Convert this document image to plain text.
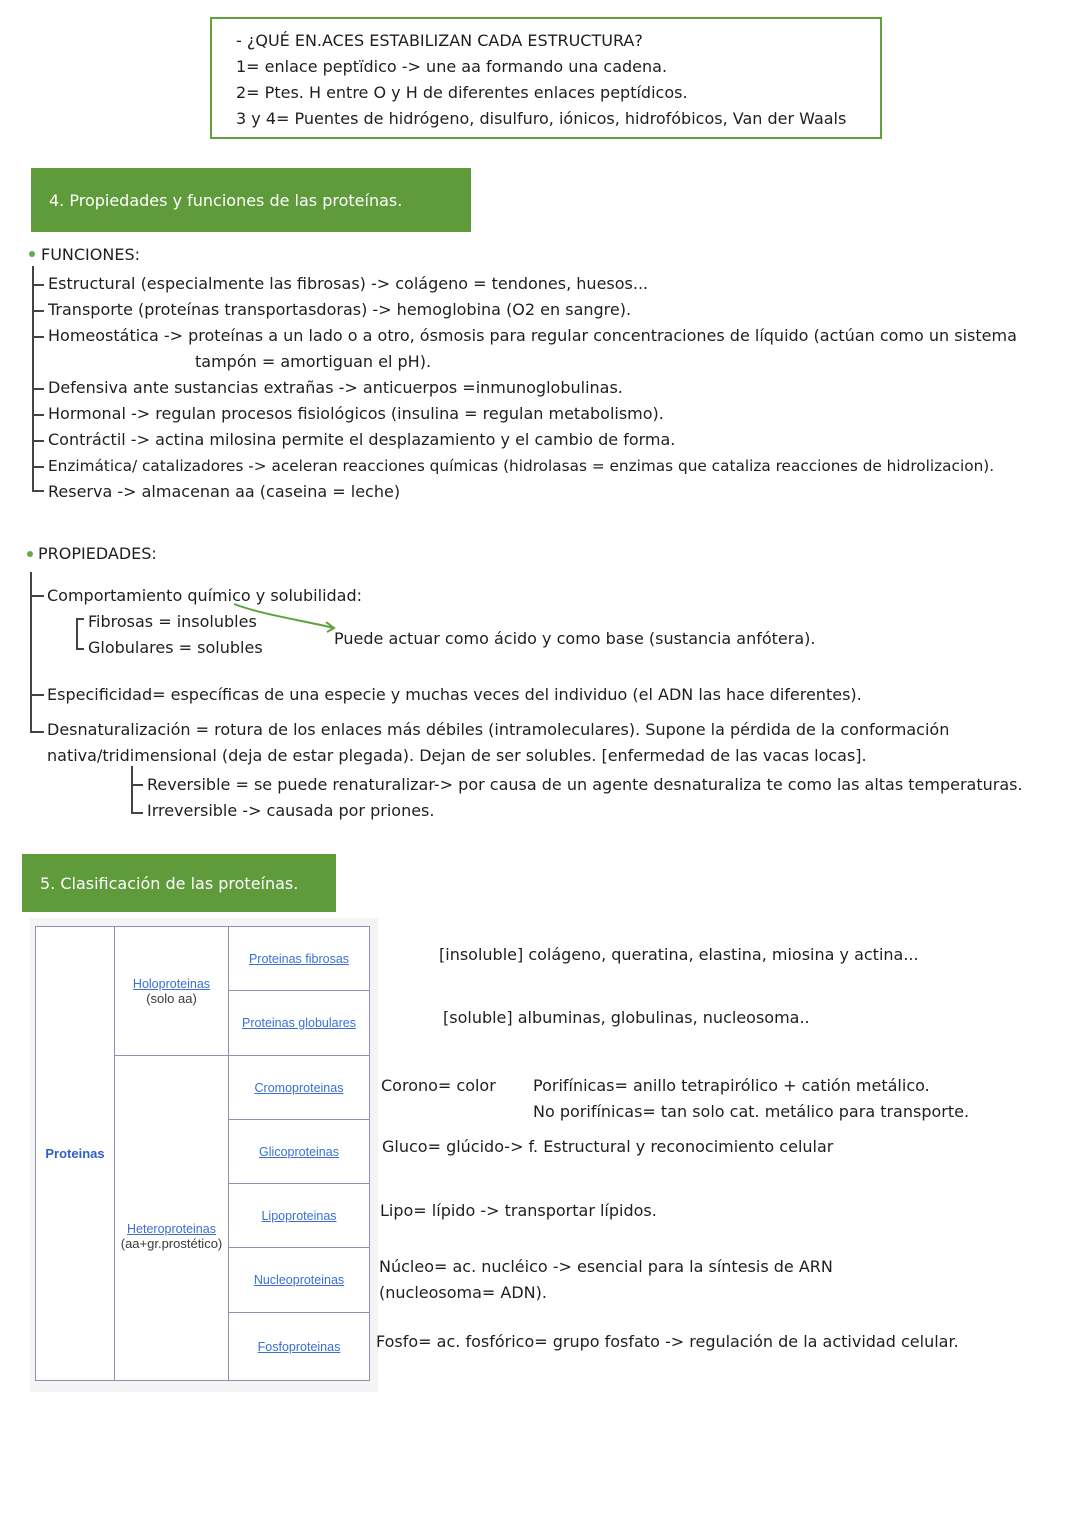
- ¿QUÉ EN.ACES ESTABILIZAN CADA ESTRUCTURA?
1= enlace peptïdico -> une aa formando una cadena.
2= Ptes. H entre O y H de diferentes enlaces peptídicos.
3 y 4= Puentes de hidrógeno, disulfuro, iónicos, hidrofóbicos, Van der Waals
4. Propiedades y funciones de las proteínas.
FUNCIONES:
Estructural (especialmente las fibrosas) -> colágeno = tendones, huesos...
Transporte (proteínas transportasdoras) -> hemoglobina (O2 en sangre).
Homeostática -> proteínas a un lado o a otro, ósmosis para regular concentraciones de líquido (actúan como un sistema
tampón = amortiguan el pH).
Defensiva ante sustancias extrañas -> anticuerpos =inmunoglobulinas.
Hormonal -> regulan procesos fisiológicos (insulina = regulan metabolismo).
Contráctil -> actina milosina permite el desplazamiento y el cambio de forma.
Enzimática/ catalizadores -> aceleran reacciones químicas (hidrolasas = enzimas que cataliza reacciones de hidrolizacion).
Reserva -> almacenan aa (caseina = leche)
PROPIEDADES:
Comportamiento químico y solubilidad:
Fibrosas = insolubles
Globulares = solubles	Puede actuar como ácido y como base (sustancia anfótera).
Especificidad= específicas de una especie y muchas veces del individuo (el ADN las hace diferentes).
Desnaturalización = rotura de los enlaces más débiles (intramoleculares). Supone la pérdida de la conformación
nativa/tridimensional (deja de estar plegada). Dejan de ser solubles. [enfermedad de las vacas locas].
Reversible = se puede renaturalizar-> por causa de un agente desnaturaliza te como las altas temperaturas.
Irreversible -> causada por priones.
5. Clasificación de las proteínas.
Proteinas
Holoproteinas
(solo aa)
Heteroproteinas
(aa+gr.prostético)
Proteinas fibrosas
Proteinas globulares
Cromoproteinas
Glicoproteinas
Lipoproteinas
Nucleoproteinas
Fosfoproteinas
[insoluble] colágeno, queratina, elastina, miosina y actina...
[soluble] albuminas, globulinas, nucleosoma..
Corono= color Porifínicas= anillo tetrapirólico + catión metálico.
No porifínicas= tan solo cat. metálico para transporte.
Gluco= glúcido-> f. Estructural y reconocimiento celular
Lipo= lípido -> transportar lípidos.
Núcleo= ac. nucléico -> esencial para la síntesis de ARN
(nucleosoma= ADN).
Fosfo= ac. fosfórico= grupo fosfato -> regulación de la actividad celular.
